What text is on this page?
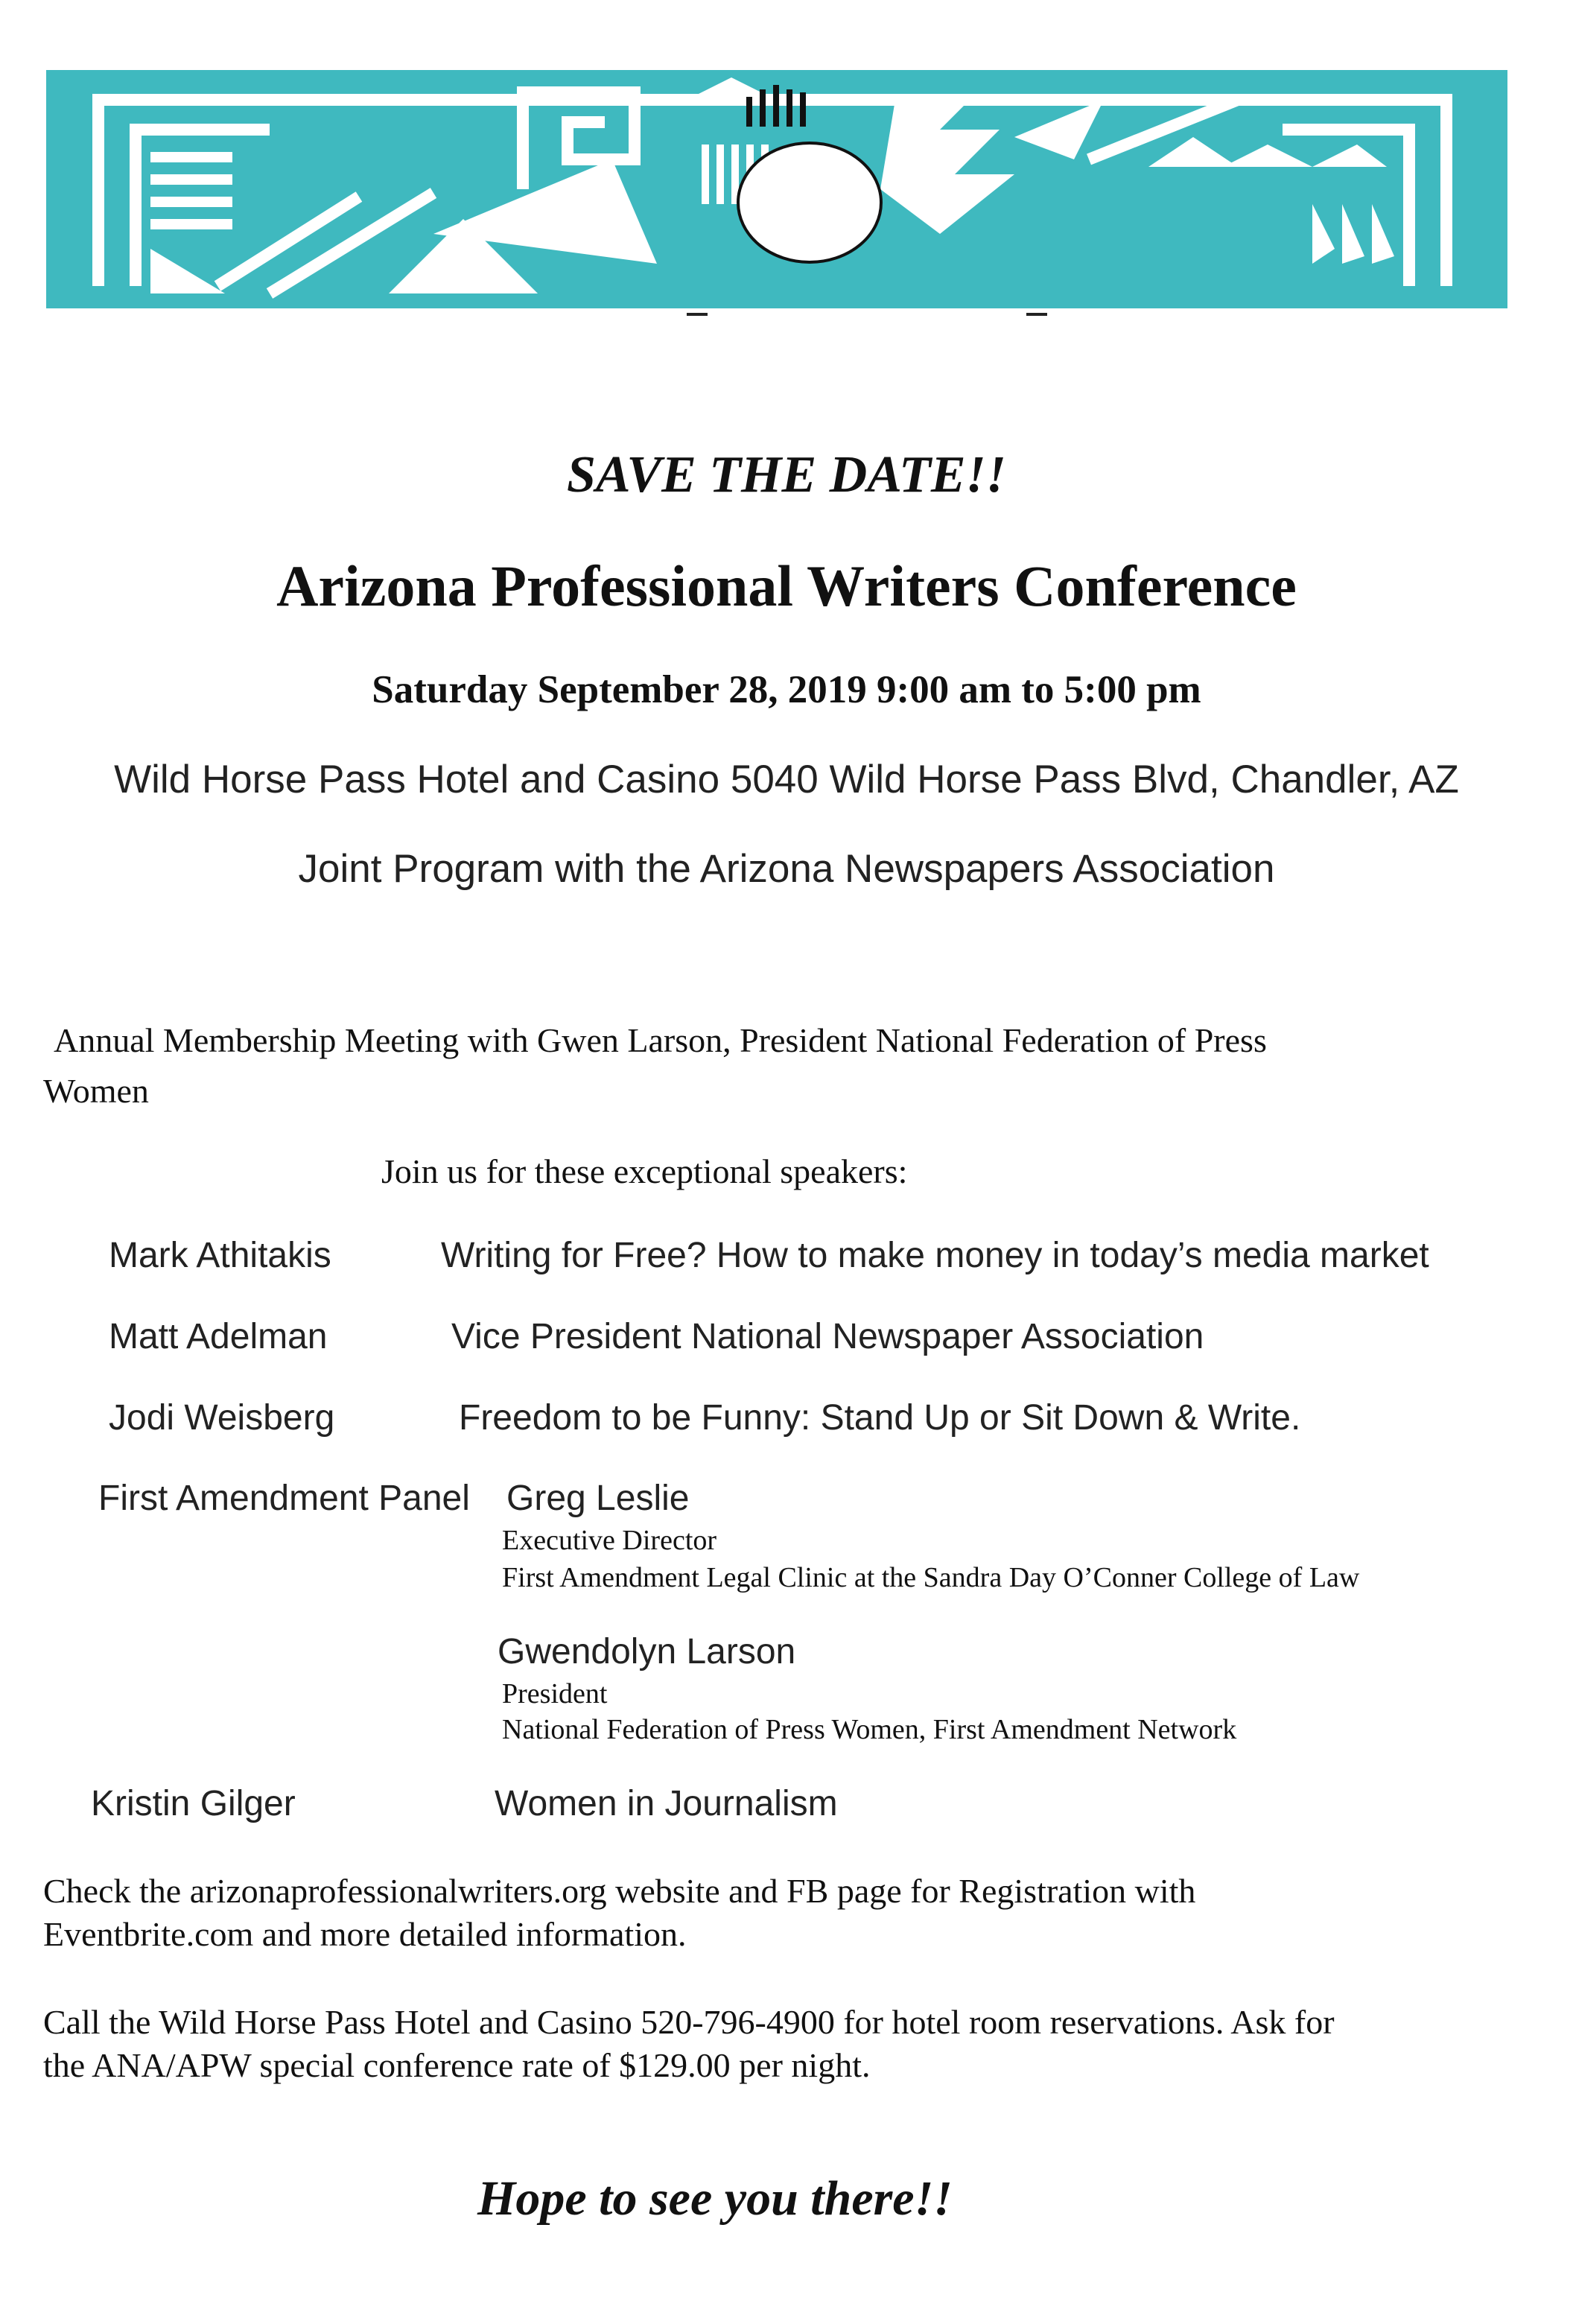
SAVE THE DATE!!
Arizona Professional Writers Conference
Saturday September 28, 2019 9:00 am to 5:00 pm
Wild Horse Pass Hotel and Casino 5040 Wild Horse Pass Blvd, Chandler, AZ
Joint Program with the Arizona Newspapers Association
Annual Membership Meeting with Gwen Larson, President National Federation of Press
Women
Join us for these exceptional speakers:
Mark Athitakis	Writing for Free? How to make money in today’s media market
Matt Adelman	Vice President National Newspaper Association
Jodi Weisberg	Freedom to be Funny: Stand Up or Sit Down & Write.
First Amendment Panel Greg Leslie
Executive Director
First Amendment Legal Clinic at the Sandra Day O’Conner College of Law
Gwendolyn Larson
President
National Federation of Press Women, First Amendment Network
Kristin Gilger	Women in Journalism
Check the arizonaprofessionalwriters.org website and FB page for Registration with
Eventbrite.com and more detailed information.
Call the Wild Horse Pass Hotel and Casino 520-796-4900 for hotel room reservations. Ask for
the ANA/APW special conference rate of $129.00 per night.
Hope to see you there!!
